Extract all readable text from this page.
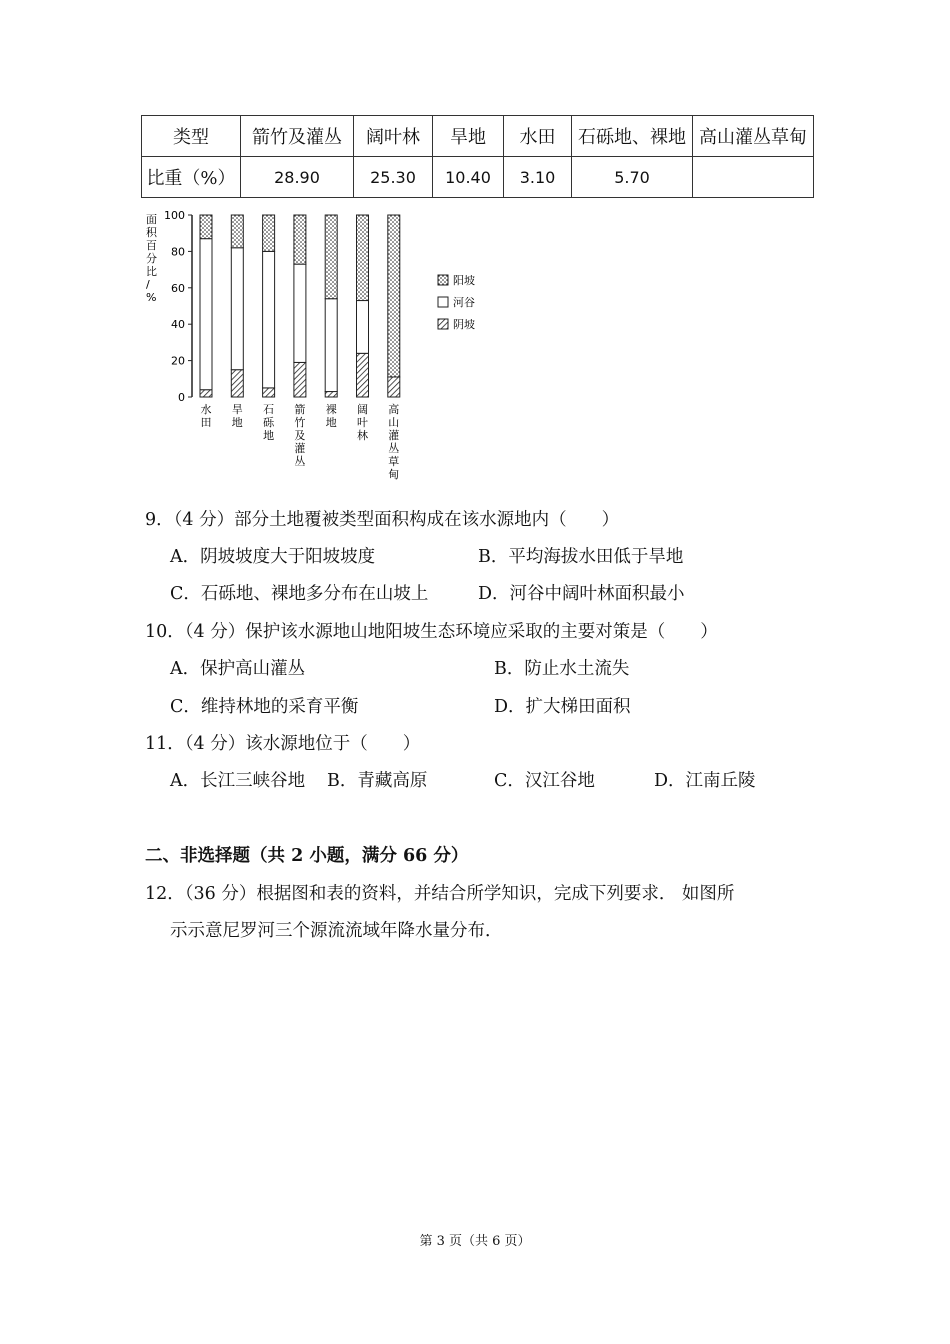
类型	箭竹及灌丛	阔叶林	旱地	水田	石砾地、裸地	高山灌丛草甸
比重（%）	28.90	25.30	10.40	3.10	5.70	
面积百分比/ %
0
20
40
60
80
100
水田
旱地
石砾地
箭竹及灌丛
裸地
阔叶林
高山灌丛草甸
阳坡
河谷
阴坡
9．（4 分）部分土地覆被类型面积构成在该水源地内（　　）
A．阴坡坡度大于阳坡坡度	B．平均海拔水田低于旱地
C．石砾地、裸地多分布在山坡上	D．河谷中阔叶林面积最小
10．（4 分）保护该水源地山地阳坡生态环境应采取的主要对策是（　　）
A．保护高山灌丛	B．防止水土流失
C．维持林地的采育平衡	D．扩大梯田面积
11．（4 分）该水源地位于（　　）
A．长江三峡谷地 B．青藏高原	C．汉江谷地	D．江南丘陵
二、非选择题（共 2 小题，满分 66 分）
12．（36 分）根据图和表的资料，并结合所学知识，完成下列要求． 如图所
示示意尼罗河三个源流流域年降水量分布．
第 3 页（共 6 页）
